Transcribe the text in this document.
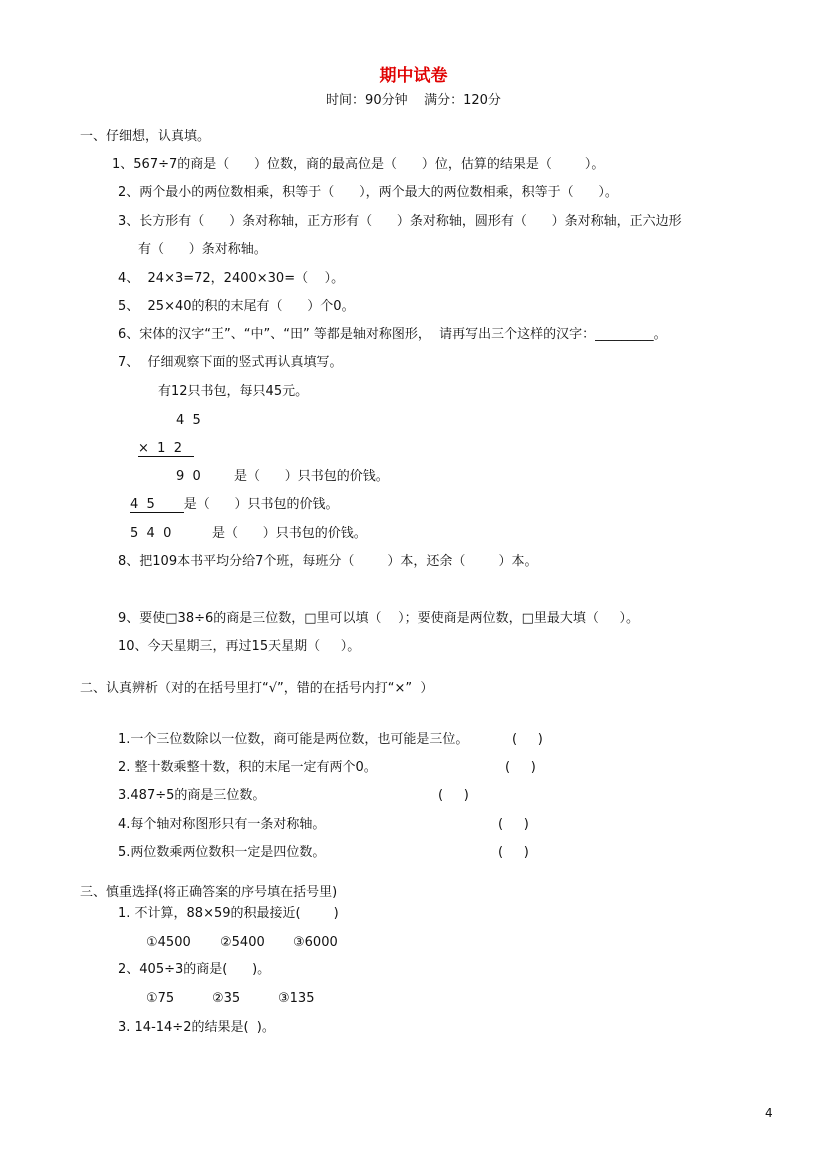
期中试卷
时间：90分钟    满分：120分
一、仔细想，认真填。
1、567÷7的商是（      ）位数，商的最高位是（      ）位，估算的结果是（        ）。
2、两个最小的两位数相乘，积等于（      ），两个最大的两位数相乘，积等于（      ）。
3、长方形有（      ）条对称轴，正方形有（      ）条对称轴，圆形有（      ）条对称轴，正六边形
有（      ）条对称轴。
4、  24×3=72，2400×30=（    ）。
5、  25×40的积的末尾有（      ）个0。
6、宋体的汉字“王”、“中”、“田” 等都是轴对称图形，  请再写出三个这样的汉字：_________。
7、  仔细观察下面的竖式再认真填写。
有12只书包，每只45元。
4  5
×  1  2
9  0	是（      ）只书包的价钱。
4  5 是（      ）只书包的价钱。
5  4  0	是（      ）只书包的价钱。
8、把109本书平均分给7个班，每班分（        ）本，还余（        ）本。
9、要使□38÷6的商是三位数，□里可以填（    ）；要使商是两位数，□里最大填（     ）。
10、今天星期三，再过15天星期（     ）。
二、认真辨析（对的在括号里打“√”，错的在括号内打“×”  ）
1.一个三位数除以一位数，商可能是两位数，也可能是三位。	(     )
2. 整十数乘整十数，积的末尾一定有两个0。	(     )
3.487÷5的商是三位数。	(     )
4.每个轴对称图形只有一条对称轴。	(     )
5.两位数乘两位数积一定是四位数。	(     )
三、慎重选择(将正确答案的序号填在括号里)
1. 不计算，88×59的积最接近(        )
①4500 ②5400 ③6000
2、405÷3的商是(      )。
①75	②35	③135
3. 14-14÷2的结果是(  )。
4
